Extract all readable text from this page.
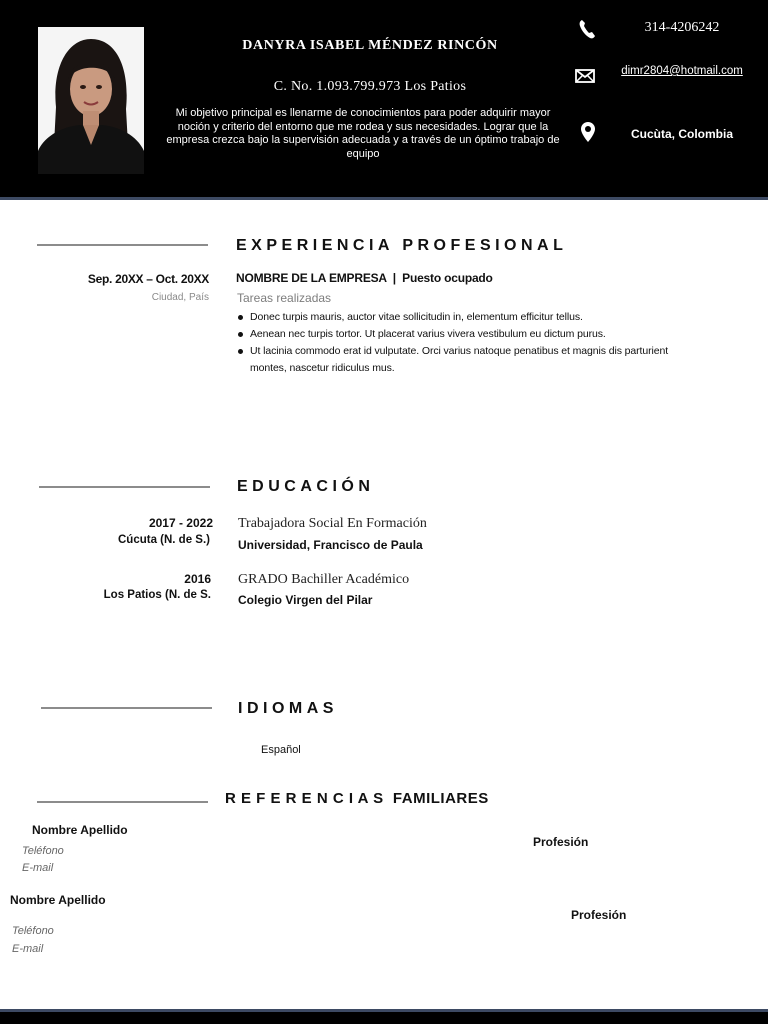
DANYRA ISABEL MÉNDEZ RINCÓN
C. No. 1.093.799.973 Los Patios
Mi objetivo principal es llenarme de conocimientos para poder adquirir mayor noción y criterio del entorno que me rodea y sus necesidades. Lograr que la empresa crezca bajo la supervisión adecuada y a través de un óptimo trabajo de equipo
314-4206242
dimr2804@hotmail.com
Cucùta, Colombia
EXPERIENCIA PROFESIONAL
Sep. 20XX – Oct. 20XX
Ciudad, País
NOMBRE DE LA EMPRESA  |  Puesto ocupado
Tareas realizadas
Donec turpis mauris, auctor vitae sollicitudin in, elementum efficitur tellus.
Aenean nec turpis tortor. Ut placerat varius vivera vestibulum eu dictum purus.
Ut lacinia commodo erat id vulputate. Orci varius natoque penatibus et magnis dis parturient montes, nascetur ridiculus mus.
EDUCACIÓN
2017 - 2022
Cúcuta (N. de S.)
Trabajadora Social En Formación
Universidad, Francisco de Paula
2016
Los Patios (N. de S.
GRADO Bachiller Académico
Colegio Virgen del Pilar
IDIOMAS
Español
R E F E R E N C I A S  FAMILIARES
Nombre Apellido
Teléfono
E-mail
Profesión
Nombre Apellido
Teléfono
E-mail
Profesión
